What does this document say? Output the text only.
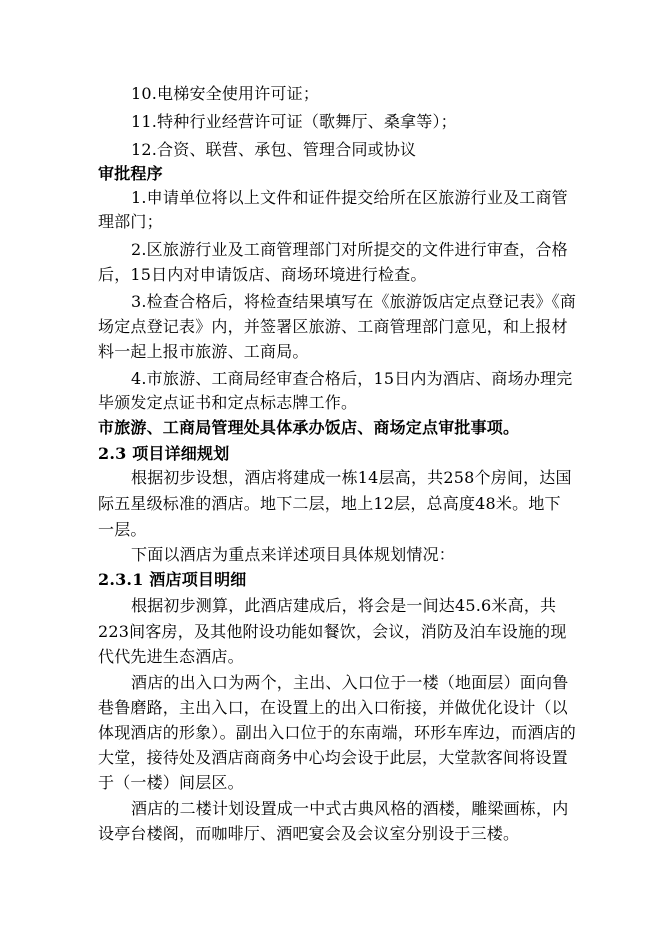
10.电梯安全使用许可证；
11.特种行业经营许可证（歌舞厅、桑拿等）；
12.合资、联营、承包、管理合同或协议
审批程序
1.申请单位将以上文件和证件提交给所在区旅游行业及工商管
理部门；
2.区旅游行业及工商管理部门对所提交的文件进行审查，合格
后，15日内对申请饭店、商场环境进行检查。
3.检查合格后，将检查结果填写在《旅游饭店定点登记表》《商
场定点登记表》内，并签署区旅游、工商管理部门意见，和上报材
料一起上报市旅游、工商局。
4.市旅游、工商局经审查合格后，15日内为酒店、商场办理完
毕颁发定点证书和定点标志牌工作。
市旅游、工商局管理处具体承办饭店、商场定点审批事项。
2.3 项目详细规划
根据初步设想，酒店将建成一栋14层高，共258个房间，达国
际五星级标准的酒店。地下二层，地上12层，总高度48米。地下
一层。
下面以酒店为重点来详述项目具体规划情况：
2.3.1 酒店项目明细
根据初步测算，此酒店建成后，将会是一间达45.6米高，共
223间客房，及其他附设功能如餐饮，会议，消防及泊车设施的现
代代先进生态酒店。
酒店的出入口为两个，主出、入口位于一楼（地面层）面向鲁
巷鲁磨路，主出入口，在设置上的出入口衔接，并做优化设计（以
体现酒店的形象）。副出入口位于的东南端，环形车库边，而酒店的
大堂，接待处及酒店商商务中心均会设于此层，大堂款客间将设置
于（一楼）间层区。
酒店的二楼计划设置成一中式古典风格的酒楼，雕梁画栋，内
设亭台楼阁，而咖啡厅、酒吧宴会及会议室分别设于三楼。
